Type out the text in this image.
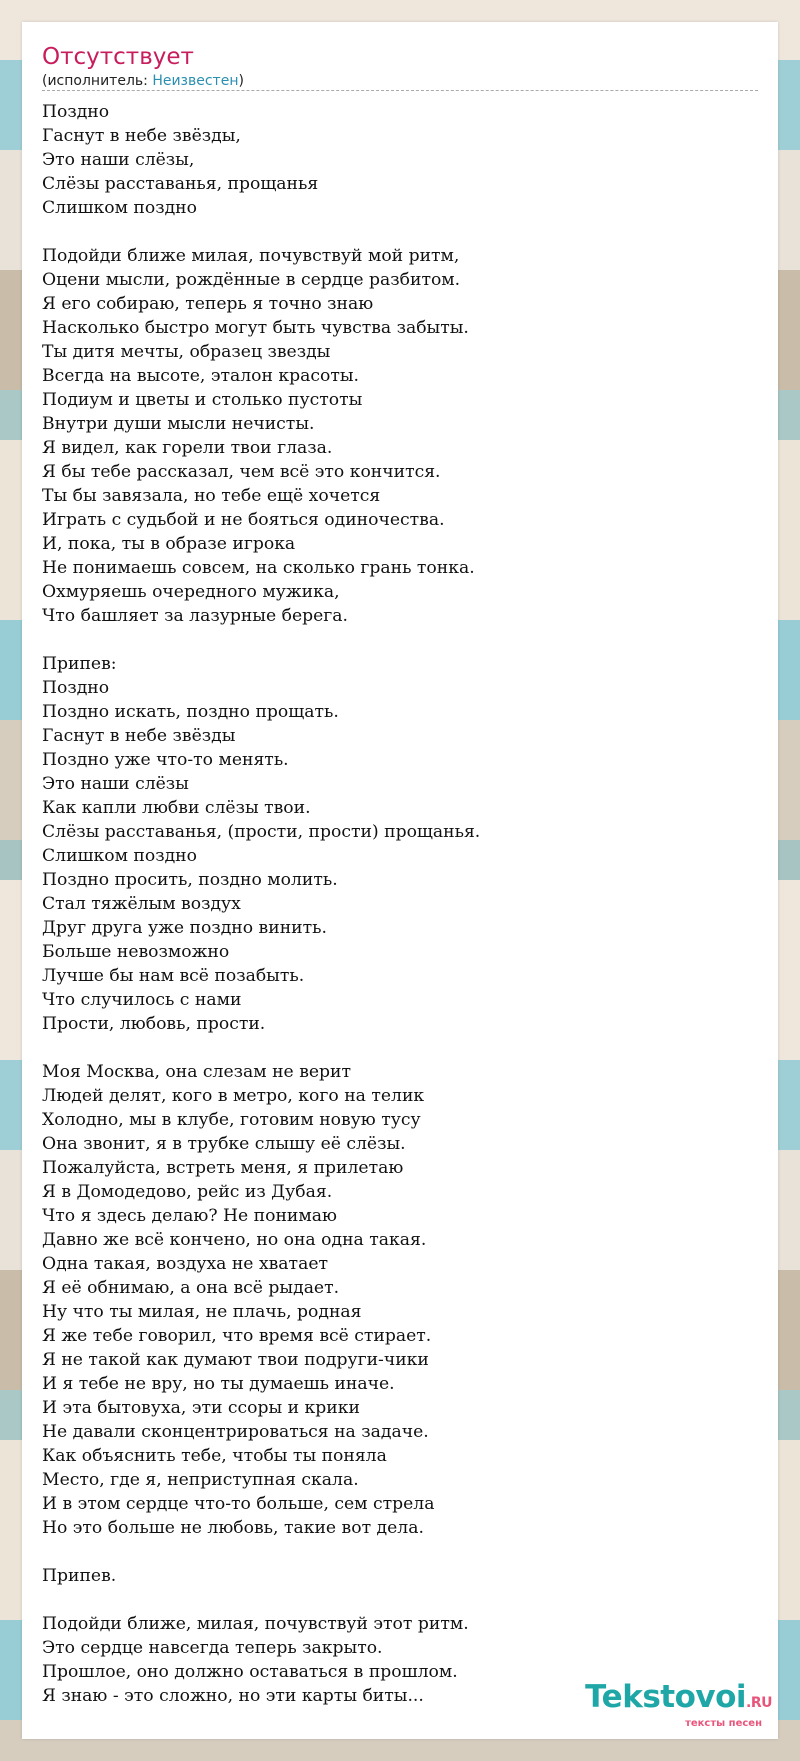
Отсутствует
(исполнитель: Неизвестен)
Поздно
Гаснут в небе звёзды,
Это наши слёзы,
Слёзы расставанья, прощанья
Слишком поздно
Подойди ближе милая, почувствуй мой ритм,
Оцени мысли, рождённые в сердце разбитом.
Я его собираю, теперь я точно знаю
Насколько быстро могут быть чувства забыты.
Ты дитя мечты, образец звезды
Всегда на высоте, эталон красоты.
Подиум и цветы и столько пустоты
Внутри души мысли нечисты.
Я видел, как горели твои глаза.
Я бы тебе рассказал, чем всё это кончится.
Ты бы завязала, но тебе ещё хочется
Играть с судьбой и не бояться одиночества.
И, пока, ты в образе игрока
Не понимаешь совсем, на сколько грань тонка.
Охмуряешь очередного мужика,
Что башляет за лазурные берега.
Припев:
Поздно
Поздно искать, поздно прощать.
Гаснут в небе звёзды
Поздно уже что-то менять.
Это наши слёзы
Как капли любви слёзы твои.
Слёзы расставанья, (прости, прости) прощанья.
Слишком поздно
Поздно просить, поздно молить.
Стал тяжёлым воздух
Друг друга уже поздно винить.
Больше невозможно
Лучше бы нам всё позабыть.
Что случилось с нами
Прости, любовь, прости.
Моя Москва, она слезам не верит
Людей делят, кого в метро, кого на телик
Холодно, мы в клубе, готовим новую тусу
Она звонит, я в трубке слышу её слёзы.
Пожалуйста, встреть меня, я прилетаю
Я в Домодедово, рейс из Дубая.
Что я здесь делаю? Не понимаю
Давно же всё кончено, но она одна такая.
Одна такая, воздуха не хватает
Я её обнимаю, а она всё рыдает.
Ну что ты милая, не плачь, родная
Я же тебе говорил, что время всё стирает.
Я не такой как думают твои подруги-чики
И я тебе не вру, но ты думаешь иначе.
И эта бытовуха, эти ссоры и крики
Не давали сконцентрироваться на задаче.
Как объяснить тебе, чтобы ты поняла
Место, где я, неприступная скала.
И в этом сердце что-то больше, сем стрела
Но это больше не любовь, такие вот дела.
Припев.
Подойди ближе, милая, почувствуй этот ритм.
Это сердце навсегда теперь закрыто.
Прошлое, оно должно оставаться в прошлом.
Я знаю - это сложно, но эти карты биты...	Tekstovoi.RU
тексты песен
